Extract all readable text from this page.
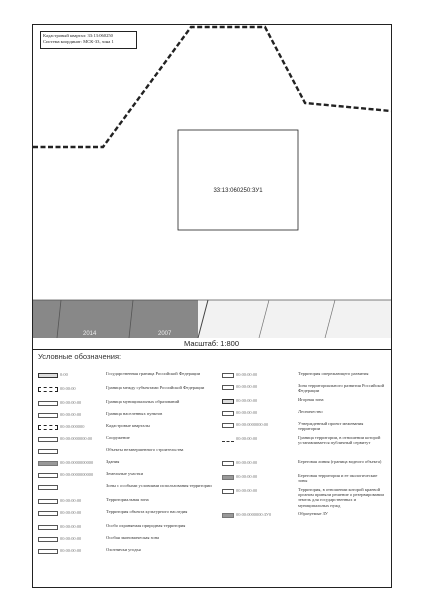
33:13:060250:ЗУ1
2014	2007
Кадастровый квартал: 33:13:060250
Система координат: МСК-33, зона 1
Масштаб: 1:800
Условные обозначения:
0:00	Государственная граница Российской Федерации
00:00:00	Граница между субъектами Российской Федерации
00:00:00:00	Граница муниципальных образований
00:00:00:00	Граница населенных пунктов
00:00:000000	Кадастровые кварталы
00:00:0000000:00	Сооружение
Объекты незавершенного строительства
00:00:0000000000	Здания
00:00:0000000000	Земельные участки
Зоны с особыми условиями использования территории
00:00:00:00	Территориальная зона
00:00:00:00	Территория объекта культурного наследия
00:00:00:00	Особо охраняемая природная территория
00:00:00:00	Особая экономическая зона
00:00:00:00	Охотничьи угодья
00:00:00:00	Территория опережающего развития
00:00:00:00	Зона территориального развития Российской Федерации
00:00:00:00	Игорная зона
00:00:00:00	Лесничество
00:00:0000000:00	Утвержденный проект межевания территории
00:00:00:00	Граница территории, в отношении которой устанавливается публичный сервитут
00:00:00:00	Береговая линия (граница водного объекта)
00:00:00:00	Береговая территория и ее экологические зоны
00:00:00:00	Территория, в отношении которой краевой органом приняли решение о резервировании земель для государственных и муниципальных нужд
00:00:0000000:ЗУ0	Образуемые ЗУ
